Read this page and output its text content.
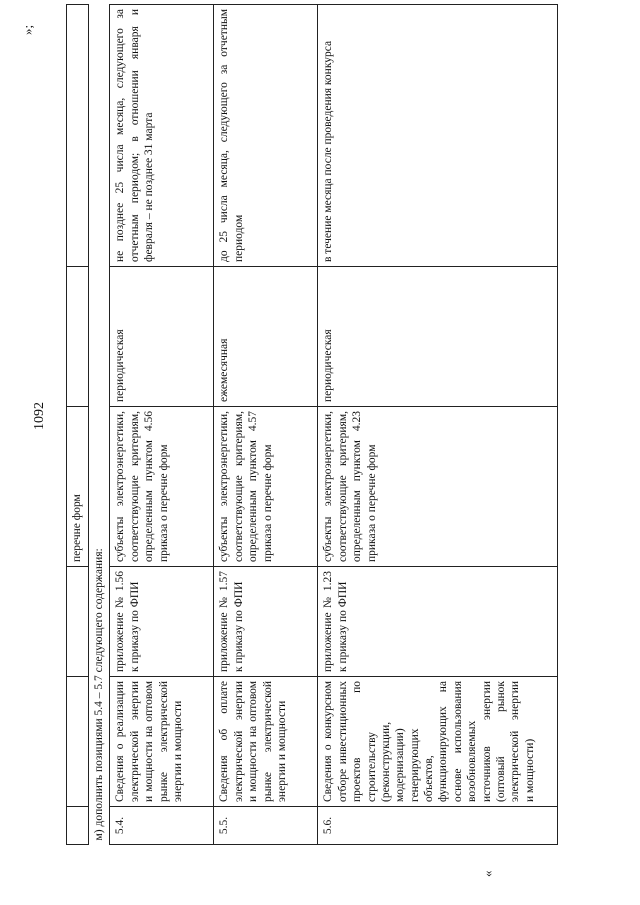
1092
»;
«
			перечне форм		
м) дополнить позициями 5.4 – 5.7 следующего содержания:					
5.4.	Сведения о реализации электрической энергии и мощности на оптовом рынке электрической энергии и мощности	приложение № 1.56 к приказу по ФПИ	субъекты электроэнергетики, соответствующие критериям, определенным пунктом 4.56 приказа о перечне форм	периодическая	не позднее 25 числа месяца, следующего за отчетным периодом; в отношении января и февраля – не позднее 31 марта
5.5.	Сведения об оплате электрической энергии и мощности на оптовом рынке электрической энергии и мощности	приложение № 1.57 к приказу по ФПИ	субъекты электроэнергетики, соответствующие критериям, определенным пунктом 4.57 приказа о перечне форм	ежемесячная	до 25 числа месяца, следующего за отчетным периодом
5.6.	Сведения о конкурсном отборе инвестиционных проектов по строительству (реконструкции, модернизации) генерирующих объектов, функционирующих на основе использования возобновляемых источников энергии (оптовый рынок электрической энергии и мощности)	приложение № 1.23 к приказу по ФПИ	субъекты электроэнергетики, соответствующие критериям, определенным пунктом 4.23 приказа о перечне форм	периодическая	в течение месяца после проведения конкурса
